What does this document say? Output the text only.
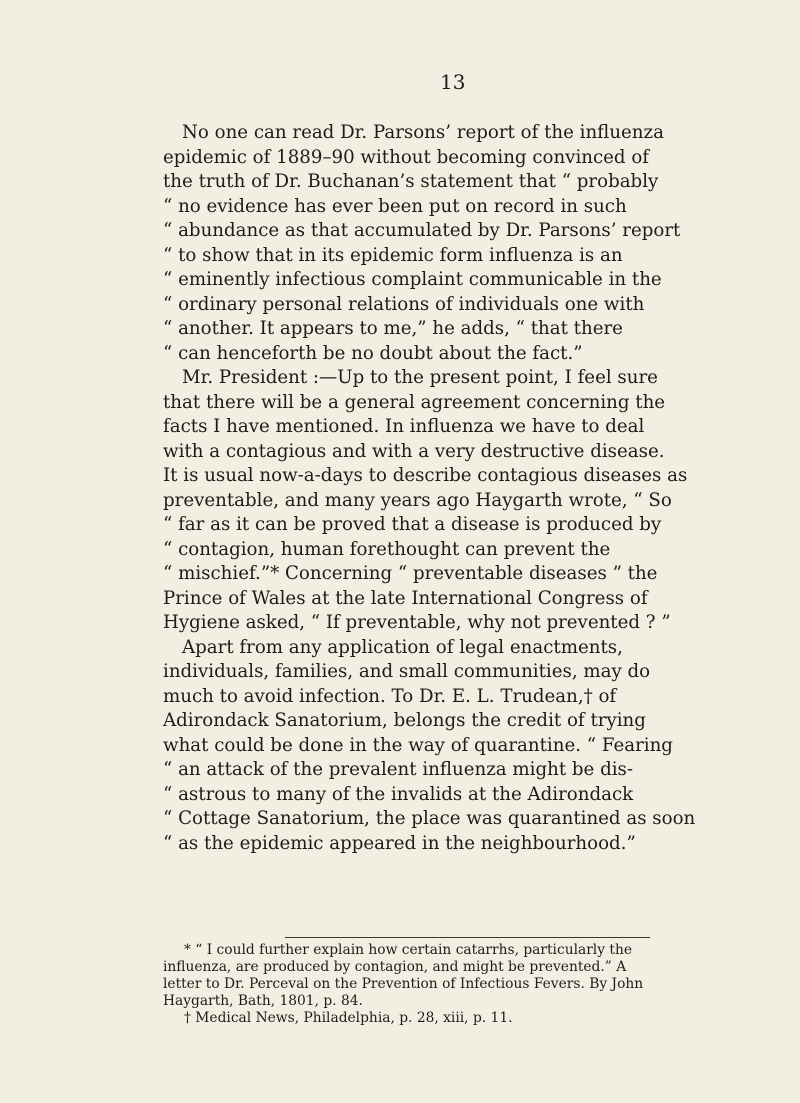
13
No one can read Dr. Parsons’ report of the influenza
epidemic of 1889–90 without becoming convinced of
the truth of Dr. Buchanan’s statement that “ probably
“ no evidence has ever been put on record in such
“ abundance as that accumulated by Dr. Parsons’ report
“ to show that in its epidemic form influenza is an
“ eminently infectious complaint communicable in the
“ ordinary personal relations of individuals one with
“ another. It appears to me,” he adds, “ that there
“ can henceforth be no doubt about the fact.”
Mr. President :—Up to the present point, I feel sure
that there will be a general agreement concerning the
facts I have mentioned. In influenza we have to deal
with a contagious and with a very destructive disease.
It is usual now-a-days to describe contagious diseases as
preventable, and many years ago Haygarth wrote, “ So
“ far as it can be proved that a disease is produced by
“ contagion, human forethought can prevent the
“ mischief.”* Concerning “ preventable diseases ” the
Prince of Wales at the late International Congress of
Hygiene asked, “ If preventable, why not prevented ? ”
Apart from any application of legal enactments,
individuals, families, and small communities, may do
much to avoid infection. To Dr. E. L. Trudean,† of
Adirondack Sanatorium, belongs the credit of trying
what could be done in the way of quarantine. “ Fearing
“ an attack of the prevalent influenza might be dis-
“ astrous to many of the invalids at the Adirondack
“ Cottage Sanatorium, the place was quarantined as soon
“ as the epidemic appeared in the neighbourhood.”
* “ I could further explain how certain catarrhs, particularly the
influenza, are produced by contagion, and might be prevented.” A
letter to Dr. Perceval on the Prevention of Infectious Fevers. By John
Haygarth, Bath, 1801, p. 84.
† Medical News, Philadelphia, p. 28, xiii, p. 11.
